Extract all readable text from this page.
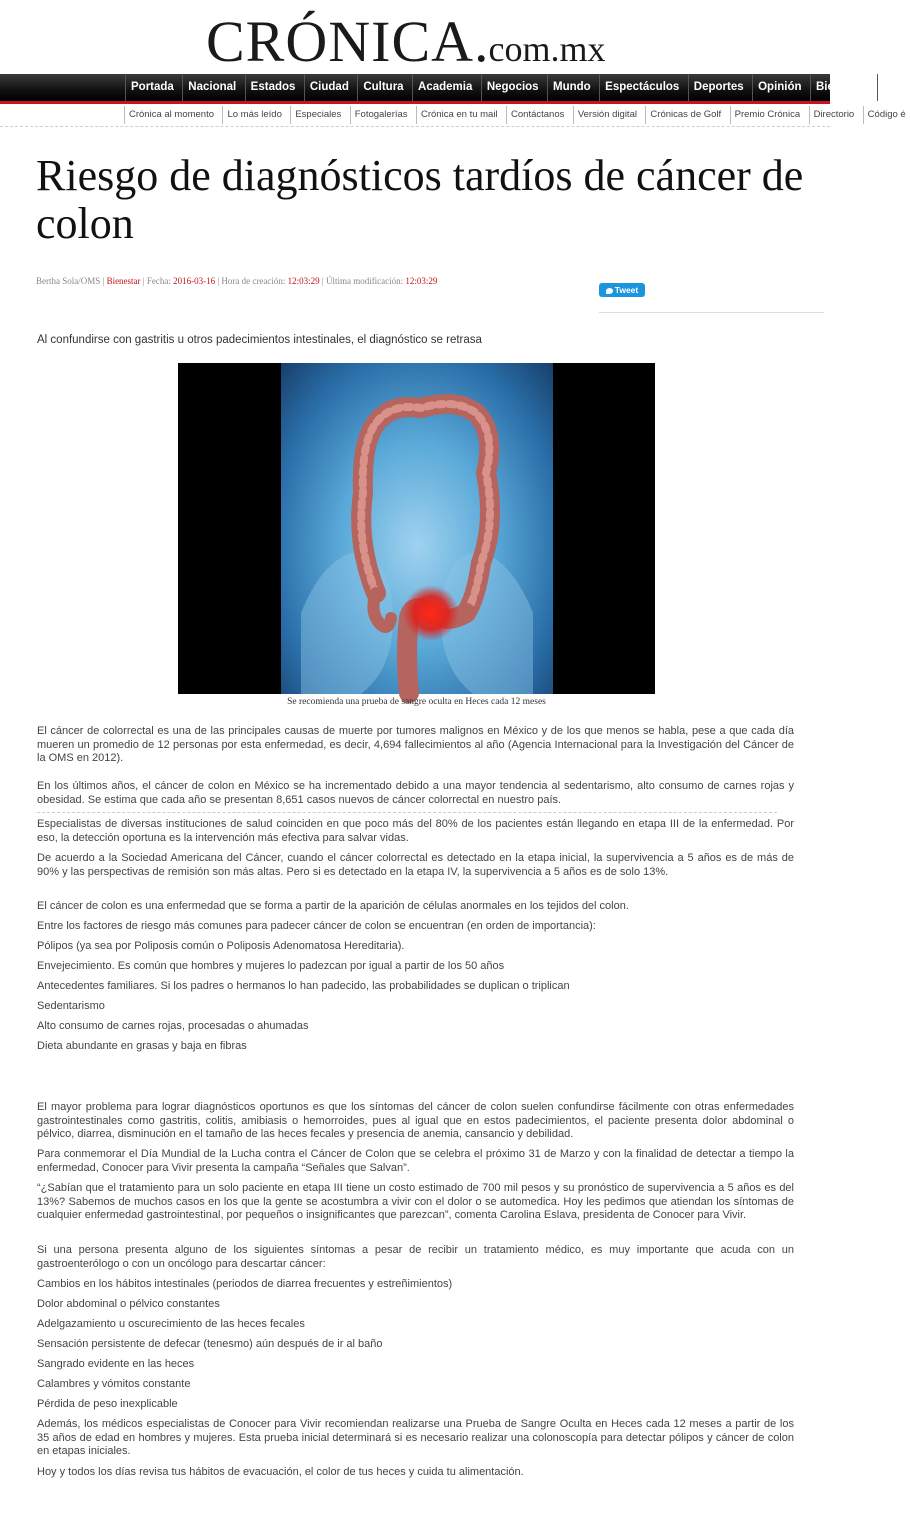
CRÓNICA.com.mx
Portada Nacional Estados Ciudad Cultura Academia Negocios Mundo Espectáculos Deportes Opinión Bienestar Suc
Crónica al momento Lo más leído Especiales Fotogalerías Crónica en tu mail Contáctanos Versión digital Crónicas de Golf Premio Crónica Directorio Código é
Riesgo de diagnósticos tardíos de cáncer de colon
Bertha Sola/OMS | Bienestar | Fecha: 2016-03-16 | Hora de creación: 12:03:29 | Última modificación: 12:03:29
Tweet
Al confundirse con gastritis u otros padecimientos intestinales, el diagnóstico se retrasa
Se recomienda una prueba de sangre oculta en Heces cada 12 meses

El cáncer de colorrectal es una de las principales causas de muerte por tumores malignos en México y de los que menos se habla, pese a que cada día mueren un promedio de 12 personas por esta enfermedad, es decir, 4,694 fallecimientos al año (Agencia Internacional para la Investigación del Cáncer de la OMS en 2012).

En los últimos años, el cáncer de colon en México se ha incrementado debido a una mayor tendencia al sedentarismo, alto consumo de carnes rojas y obesidad. Se estima que cada año se presentan 8,651 casos nuevos de cáncer colorrectal en nuestro país.

Especialistas de diversas instituciones de salud coinciden en que poco más del 80% de los pacientes están llegando en etapa III de la enfermedad. Por eso, la detección oportuna es la intervención más efectiva para salvar vidas.

De acuerdo a la Sociedad Americana del Cáncer, cuando el cáncer colorrectal es detectado en la etapa inicial, la supervivencia a 5 años es de más de 90% y las perspectivas de remisión son más altas. Pero si es detectado en la etapa IV, la supervivencia a 5 años es de solo 13%.

El cáncer de colon es una enfermedad que se forma a partir de la aparición de células anormales en los tejidos del colon.

Entre los factores de riesgo más comunes para padecer cáncer de colon se encuentran (en orden de importancia):

Pólipos (ya sea por Poliposis común o Poliposis Adenomatosa Hereditaria).

Envejecimiento. Es común que hombres y mujeres lo padezcan por igual a partir de los 50 años

Antecedentes familiares. Si los padres o hermanos lo han padecido, las probabilidades se duplican o triplican

Sedentarismo

Alto consumo de carnes rojas, procesadas o ahumadas

Dieta abundante en grasas y baja en fibras

El mayor problema para lograr diagnósticos oportunos es que los síntomas del cáncer de colon suelen confundirse fácilmente con otras enfermedades gastrointestinales como gastritis, colitis, amibiasis o hemorroides, pues al igual que en estos padecimientos, el paciente presenta dolor abdominal o pélvico, diarrea, disminución en el tamaño de las heces fecales y presencia de anemia, cansancio y debilidad.

Para conmemorar el Día Mundial de la Lucha contra el Cáncer de Colon que se celebra el próximo 31 de Marzo y con la finalidad de detectar a tiempo la enfermedad, Conocer para Vivir presenta la campaña “Señales que Salvan”.

“¿Sabían que el tratamiento para un solo paciente en etapa III tiene un costo estimado de 700 mil pesos y su pronóstico de supervivencia a 5 años es del 13%? Sabemos de muchos casos en los que la gente se acostumbra a vivir con el dolor o se automedica. Hoy les pedimos que atiendan los síntomas de cualquier enfermedad gastrointestinal, por pequeños o insignificantes que parezcan”, comenta Carolina Eslava, presidenta de Conocer para Vivir.

Si una persona presenta alguno de los siguientes síntomas a pesar de recibir un tratamiento médico, es muy importante que acuda con un gastroenterólogo o con un oncólogo para descartar cáncer:

Cambios en los hábitos intestinales (periodos de diarrea frecuentes y estreñimientos)

Dolor abdominal o pélvico constantes

Adelgazamiento u oscurecimiento de las heces fecales

Sensación persistente de defecar (tenesmo) aún después de ir al baño

Sangrado evidente en las heces

Calambres y vómitos constante

Pérdida de peso inexplicable

Además, los médicos especialistas de Conocer para Vivir recomiendan realizarse una Prueba de Sangre Oculta en Heces cada 12 meses a partir de los 35 años de edad en hombres y mujeres. Esta prueba inicial determinará si es necesario realizar una colonoscopía para detectar pólipos y cáncer de colon en etapas iniciales.

Hoy y todos los días revisa tus hábitos de evacuación, el color de tus heces y cuida tu alimentación.
